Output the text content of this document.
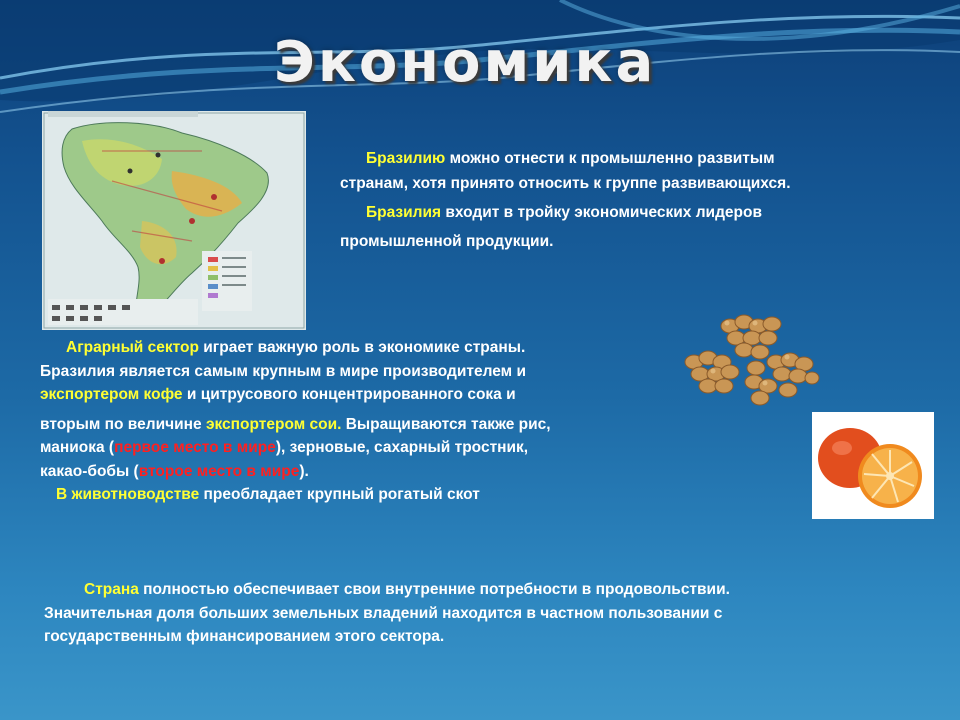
Экономика
Бразилию можно отнести к промышленно развитым
странам, хотя принято относить к группе развивающихся.
Бразилия входит в тройку экономических лидеров
промышленной продукции.
Аграрный сектор играет важную роль в экономике страны.
Бразилия является самым крупным в мире производителем и
экспортером кофе и цитрусового концентрированного сока и
вторым по величине экспортером сои. Выращиваются также рис,
маниока (первое место в мире), зерновые, сахарный тростник,
какао-бобы (второе место в мире).
В животноводстве преобладает крупный рогатый скот
Страна полностью обеспечивает свои внутренние потребности в продовольствии.
Значительная доля больших земельных владений находится в частном пользовании с
государственным финансированием этого сектора.
